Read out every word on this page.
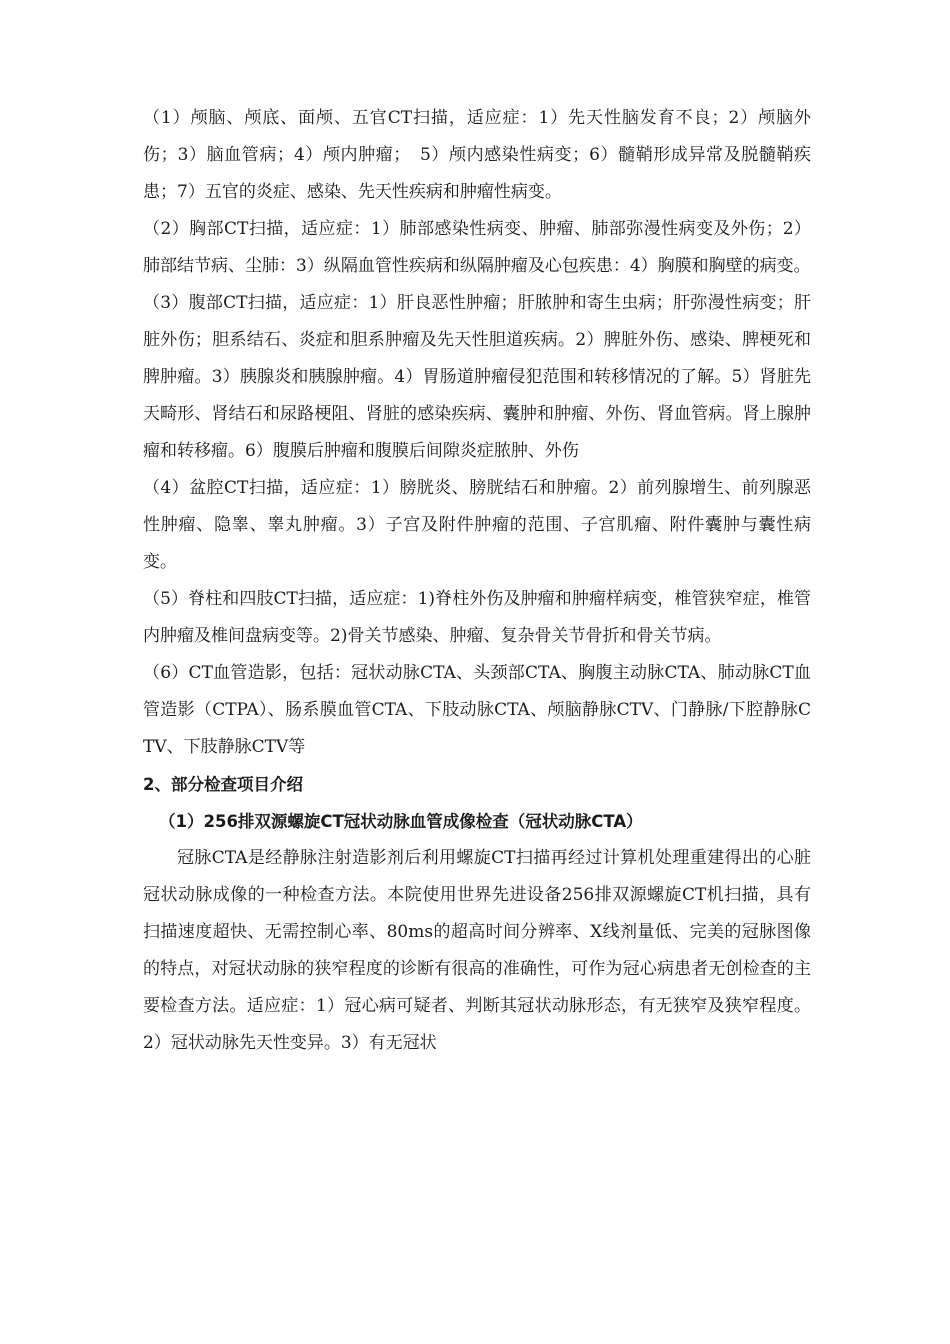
（1）颅脑、颅底、面颅、五官CT扫描，适应症：1）先天性脑发育不良；2）颅脑外伤；3）脑血管病；4）颅内肿瘤；　5）颅内感染性病变；6）髓鞘形成异常及脱髓鞘疾患；7）五官的炎症、感染、先天性疾病和肿瘤性病变。

（2）胸部CT扫描，适应症：1）肺部感染性病变、肿瘤、肺部弥漫性病变及外伤；2）肺部结节病、尘肺：3）纵隔血管性疾病和纵隔肿瘤及心包疾患：4）胸膜和胸壁的病变。

（3）腹部CT扫描，适应症：1）肝良恶性肿瘤；肝脓肿和寄生虫病；肝弥漫性病变；肝脏外伤；胆系结石、炎症和胆系肿瘤及先天性胆道疾病。2）脾脏外伤、感染、脾梗死和脾肿瘤。3）胰腺炎和胰腺肿瘤。4）胃肠道肿瘤侵犯范围和转移情况的了解。5）肾脏先天畸形、肾结石和尿路梗阻、肾脏的感染疾病、囊肿和肿瘤、外伤、肾血管病。肾上腺肿瘤和转移瘤。6）腹膜后肿瘤和腹膜后间隙炎症脓肿、外伤

（4）盆腔CT扫描，适应症：1）膀胱炎、膀胱结石和肿瘤。2）前列腺增生、前列腺恶性肿瘤、隐睾、睾丸肿瘤。3）子宫及附件肿瘤的范围、子宫肌瘤、附件囊肿与囊性病变。

（5）脊柱和四肢CT扫描，适应症：1)脊柱外伤及肿瘤和肿瘤样病变，椎管狭窄症，椎管内肿瘤及椎间盘病变等。2)骨关节感染、肿瘤、复杂骨关节骨折和骨关节病。

（6）CT血管造影，包括：冠状动脉CTA、头颈部CTA、胸腹主动脉CTA、肺动脉CT血管造影（CTPA）、肠系膜血管CTA、下肢动脉CTA、颅脑静脉CTV、门静脉/下腔静脉CTV、下肢静脉CTV等

2、部分检查项目介绍

（1）256排双源螺旋CT冠状动脉血管成像检查（冠状动脉CTA）

冠脉CTA是经静脉注射造影剂后利用螺旋CT扫描再经过计算机处理重建得出的心脏冠状动脉成像的一种检查方法。本院使用世界先进设备256排双源螺旋CT机扫描，具有扫描速度超快、无需控制心率、80ms的超高时间分辨率、X线剂量低、完美的冠脉图像的特点，对冠状动脉的狭窄程度的诊断有很高的准确性，可作为冠心病患者无创检查的主要检查方法。适应症：1）冠心病可疑者、判断其冠状动脉形态，有无狭窄及狭窄程度。2）冠状动脉先天性变异。3）有无冠状
